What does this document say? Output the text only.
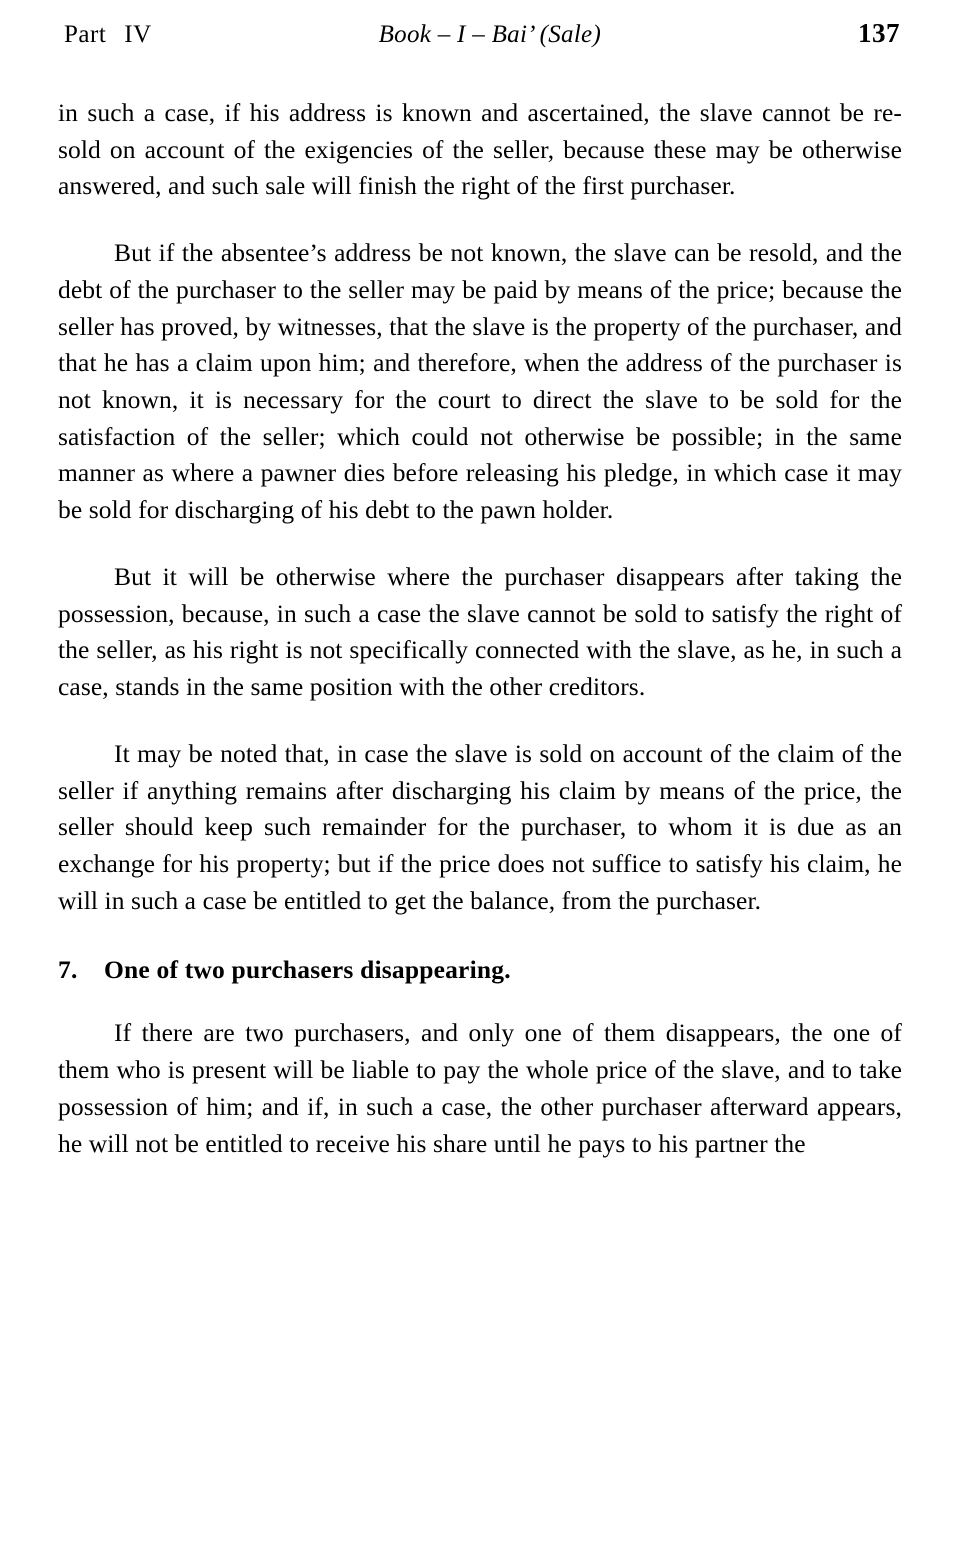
Part IV	Book – I – Bai’ (Sale)	137

in such a case, if his address is known and ascertained, the slave cannot be re-sold on account of the exigencies of the seller, because these may be otherwise answered, and such sale will finish the right of the first purchaser.

But if the absentee’s address be not known, the slave can be resold, and the debt of the purchaser to the seller may be paid by means of the price; because the seller has proved, by witnesses, that the slave is the property of the purchaser, and that he has a claim upon him; and therefore, when the address of the purchaser is not known, it is necessary for the court to direct the slave to be sold for the satisfaction of the seller; which could not otherwise be possible; in the same manner as where a pawner dies before releasing his pledge, in which case it may be sold for discharging of his debt to the pawn holder.

But it will be otherwise where the purchaser disappears after taking the possession, because, in such a case the slave cannot be sold to satisfy the right of the seller, as his right is not specifically connected with the slave, as he, in such a case, stands in the same position with the other creditors.

It may be noted that, in case the slave is sold on account of the claim of the seller if anything remains after discharging his claim by means of the price, the seller should keep such remainder for the purchaser, to whom it is due as an exchange for his property; but if the price does not suffice to satisfy his claim, he will in such a case be entitled to get the balance, from the purchaser.

7. One of two purchasers disappearing.

If there are two purchasers, and only one of them disappears, the one of them who is present will be liable to pay the whole price of the slave, and to take possession of him; and if, in such a case, the other purchaser afterward appears, he will not be entitled to receive his share until he pays to his partner the
